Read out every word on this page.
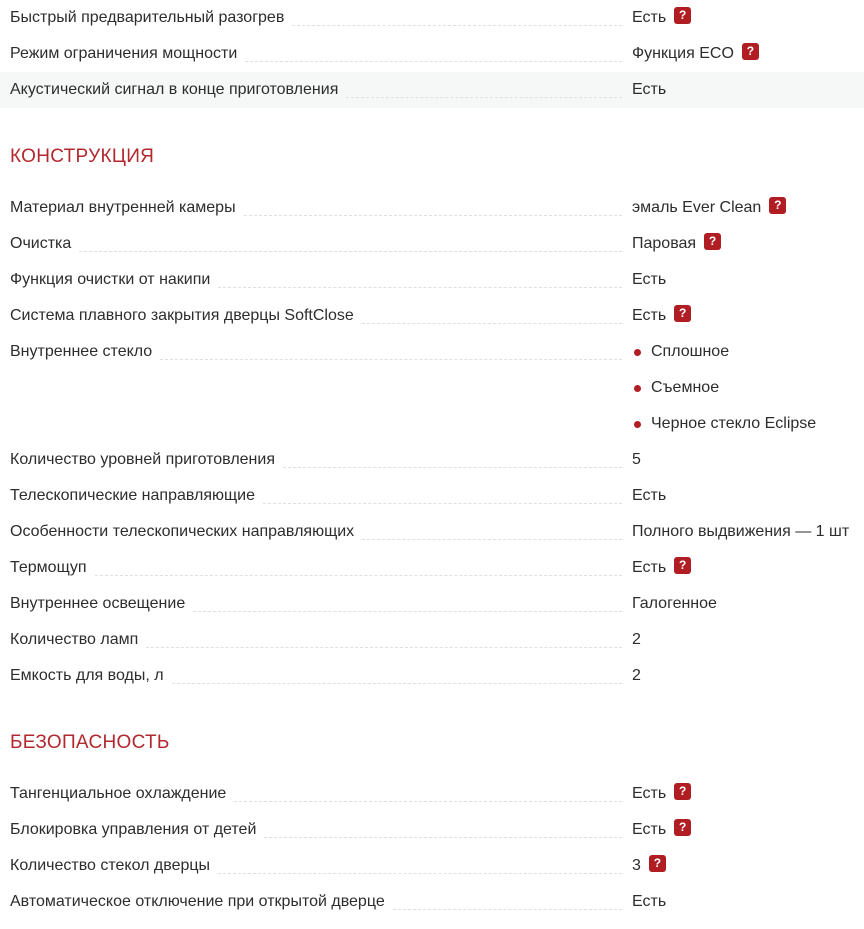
Быстрый предварительный разогрев	Есть ?
Режим ограничения мощности	Функция ECO ?
Акустический сигнал в конце приготовления	Есть
КОНСТРУКЦИЯ
Материал внутренней камеры	эмаль Ever Clean ?
Очистка	Паровая ?
Функция очистки от накипи	Есть
Система плавного закрытия дверцы SoftClose	Есть ?
Внутреннее стекло	Сплошное
Съемное
Черное стекло Eclipse
Количество уровней приготовления	5
Телескопические направляющие	Есть
Особенности телескопических направляющих	Полного выдвижения — 1 шт
Термощуп	Есть ?
Внутреннее освещение	Галогенное
Количество ламп	2
Емкость для воды, л	2
БЕЗОПАСНОСТЬ
Тангенциальное охлаждение	Есть ?
Блокировка управления от детей	Есть ?
Количество стекол дверцы	3 ?
Автоматическое отключение при открытой дверце	Есть
